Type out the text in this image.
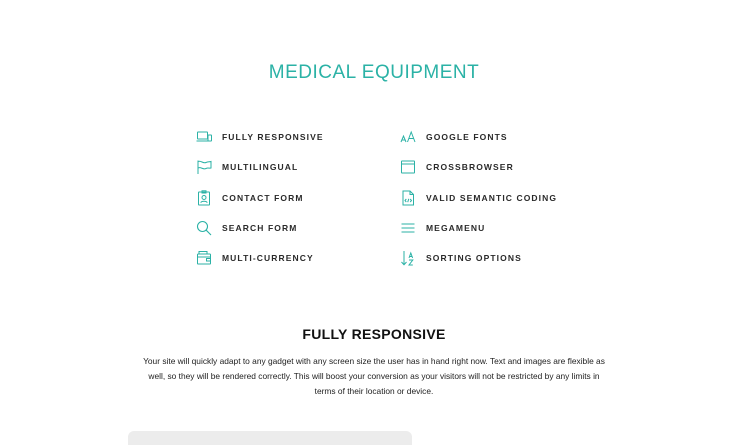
MEDICAL EQUIPMENT
FULLY RESPONSIVE
MULTILINGUAL
CONTACT FORM
SEARCH FORM
MULTI-CURRENCY
GOOGLE FONTS
CROSSBROWSER
VALID SEMANTIC CODING
MEGAMENU
SORTING OPTIONS
FULLY RESPONSIVE
Your site will quickly adapt to any gadget with any screen size the user has in hand right now. Text and images are flexible as well, so they will be rendered correctly. This will boost your conversion as your visitors will not be restricted by any limits in terms of their location or device.
